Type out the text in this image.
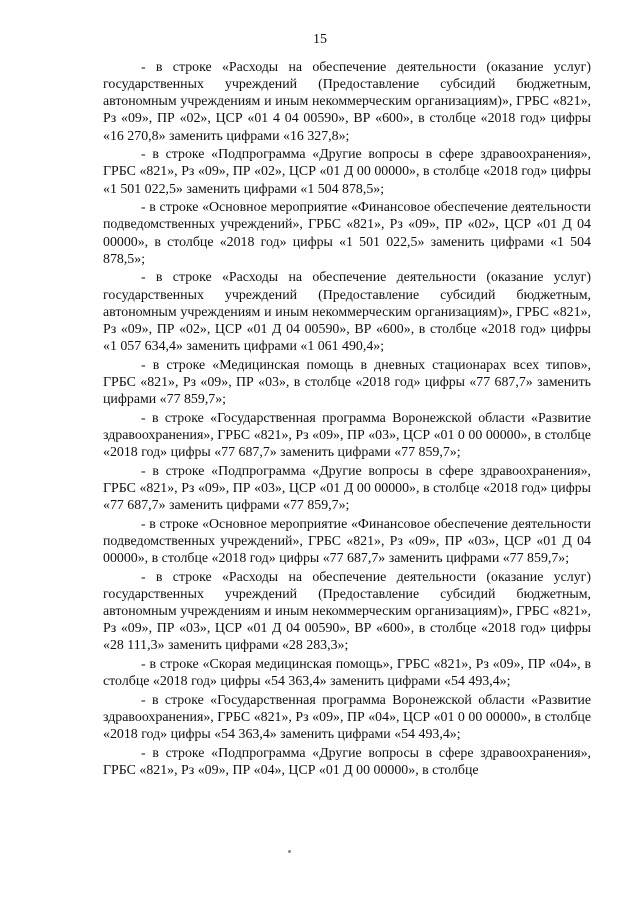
15

- в строке «Расходы на обеспечение деятельности (оказание услуг) государственных учреждений (Предоставление субсидий бюджетным, автономным учреждениям и иным некоммерческим организациям)», ГРБС «821», Рз «09», ПР «02», ЦСР «01 4 04 00590», ВР «600», в столбце «2018 год» цифры «16 270,8» заменить цифрами «16 327,8»;

- в строке «Подпрограмма «Другие вопросы в сфере здравоохранения», ГРБС «821», Рз «09», ПР «02», ЦСР «01 Д 00 00000», в столбце «2018 год» цифры «1 501 022,5» заменить цифрами «1 504 878,5»;

- в строке «Основное мероприятие «Финансовое обеспечение деятельности подведомственных учреждений», ГРБС «821», Рз «09», ПР «02», ЦСР «01 Д 04 00000», в столбце «2018 год» цифры «1 501 022,5» заменить цифрами «1 504 878,5»;

- в строке «Расходы на обеспечение деятельности (оказание услуг) государственных учреждений (Предоставление субсидий бюджетным, автономным учреждениям и иным некоммерческим организациям)», ГРБС «821», Рз «09», ПР «02», ЦСР «01 Д 04 00590», ВР «600», в столбце «2018 год» цифры «1 057 634,4» заменить цифрами «1 061 490,4»;

- в строке «Медицинская помощь в дневных стационарах всех типов», ГРБС «821», Рз «09», ПР «03», в столбце «2018 год» цифры «77 687,7» заменить цифрами «77 859,7»;

- в строке «Государственная программа Воронежской области «Развитие здравоохранения», ГРБС «821», Рз «09», ПР «03», ЦСР «01 0 00 00000», в столбце «2018 год» цифры «77 687,7» заменить цифрами «77 859,7»;

- в строке «Подпрограмма «Другие вопросы в сфере здравоохранения», ГРБС «821», Рз «09», ПР «03», ЦСР «01 Д 00 00000», в столбце «2018 год» цифры «77 687,7» заменить цифрами «77 859,7»;

- в строке «Основное мероприятие «Финансовое обеспечение деятельности подведомственных учреждений», ГРБС «821», Рз «09», ПР «03», ЦСР «01 Д 04 00000», в столбце «2018 год» цифры «77 687,7» заменить цифрами «77 859,7»;

- в строке «Расходы на обеспечение деятельности (оказание услуг) государственных учреждений (Предоставление субсидий бюджетным, автономным учреждениям и иным некоммерческим организациям)», ГРБС «821», Рз «09», ПР «03», ЦСР «01 Д 04 00590», ВР «600», в столбце «2018 год» цифры «28 111,3» заменить цифрами «28 283,3»;

- в строке «Скорая медицинская помощь», ГРБС «821», Рз «09», ПР «04», в столбце «2018 год» цифры «54 363,4» заменить цифрами «54 493,4»;

- в строке «Государственная программа Воронежской области «Развитие здравоохранения», ГРБС «821», Рз «09», ПР «04», ЦСР «01 0 00 00000», в столбце «2018 год» цифры «54 363,4» заменить цифрами «54 493,4»;

- в строке «Подпрограмма «Другие вопросы в сфере здравоохранения», ГРБС «821», Рз «09», ПР «04», ЦСР «01 Д 00 00000», в столбце
